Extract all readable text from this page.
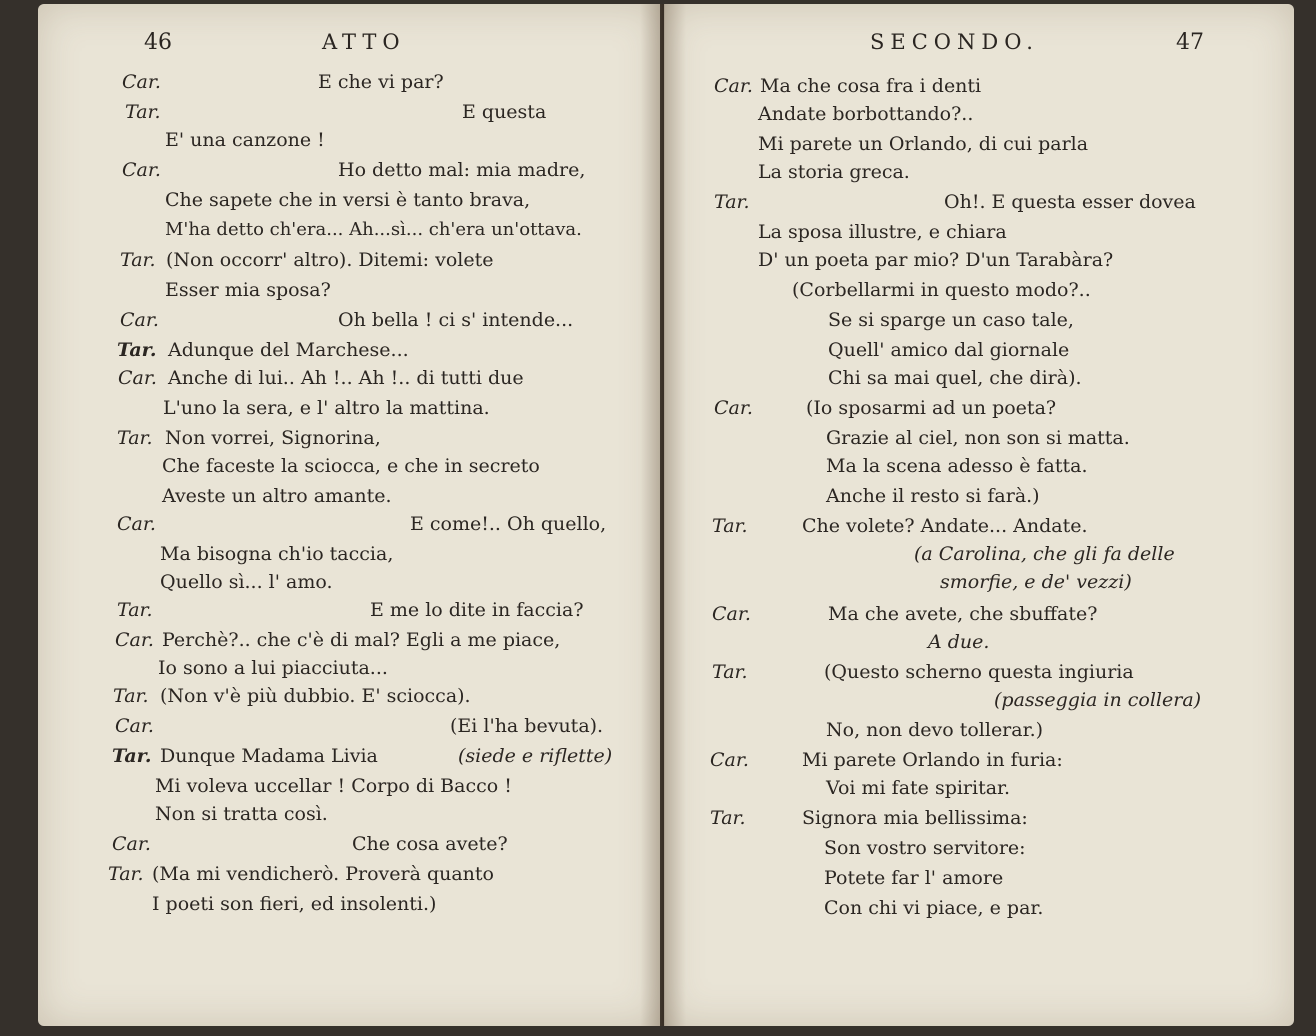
46	ATTO	SECONDO.	47
Car.	E che vi par?
Tar.	E questa
E' una canzone !
Car.	Ho detto mal: mia madre,
Che sapete che in versi è tanto brava,
M'ha detto ch'era... Ah...sì... ch'era un'ottava.
Tar. (Non occorr' altro). Ditemi: volete
Esser mia sposa?
Car.	Oh bella ! ci s' intende...
Tar. Adunque del Marchese...
Car. Anche di lui.. Ah !.. Ah !.. di tutti due
L'uno la sera, e l' altro la mattina.
Tar. Non vorrei, Signorina,
Che faceste la sciocca, e che in secreto
Aveste un altro amante.
Car.	E come!.. Oh quello,
Ma bisogna ch'io taccia,
Quello sì... l' amo.
Tar.	E me lo dite in faccia?
Car. Perchè?.. che c'è di mal? Egli a me piace,
Io sono a lui piacciuta...
Tar. (Non v'è più dubbio. E' sciocca).
Car.	(Ei l'ha bevuta).
Tar. Dunque Madama Livia	(siede e riflette)
Mi voleva uccellar ! Corpo di Bacco !
Non si tratta così.
Car.	Che cosa avete?
Tar. (Ma mi vendicherò. Proverà quanto
I poeti son fieri, ed insolenti.)
Car. Ma che cosa fra i denti
Andate borbottando?..
Mi parete un Orlando, di cui parla
La storia greca.
Tar.	Oh!. E questa esser dovea
La sposa illustre, e chiara
D' un poeta par mio? D'un Tarabàra?
(Corbellarmi in questo modo?..
Se si sparge un caso tale,
Quell' amico dal giornale
Chi sa mai quel, che dirà).
Car.	(Io sposarmi ad un poeta?
Grazie al ciel, non son si matta.
Ma la scena adesso è fatta.
Anche il resto si farà.)
Tar.	Che volete? Andate... Andate.
(a Carolina, che gli fa delle
smorfie, e de' vezzi)
Car.	Ma che avete, che sbuffate?
A due.
Tar.	(Questo scherno questa ingiuria
(passeggia in collera)
No, non devo tollerar.)
Car.	Mi parete Orlando in furia:
Voi mi fate spiritar.
Tar.	Signora mia bellissima:
Son vostro servitore:
Potete far l' amore
Con chi vi piace, e par.
